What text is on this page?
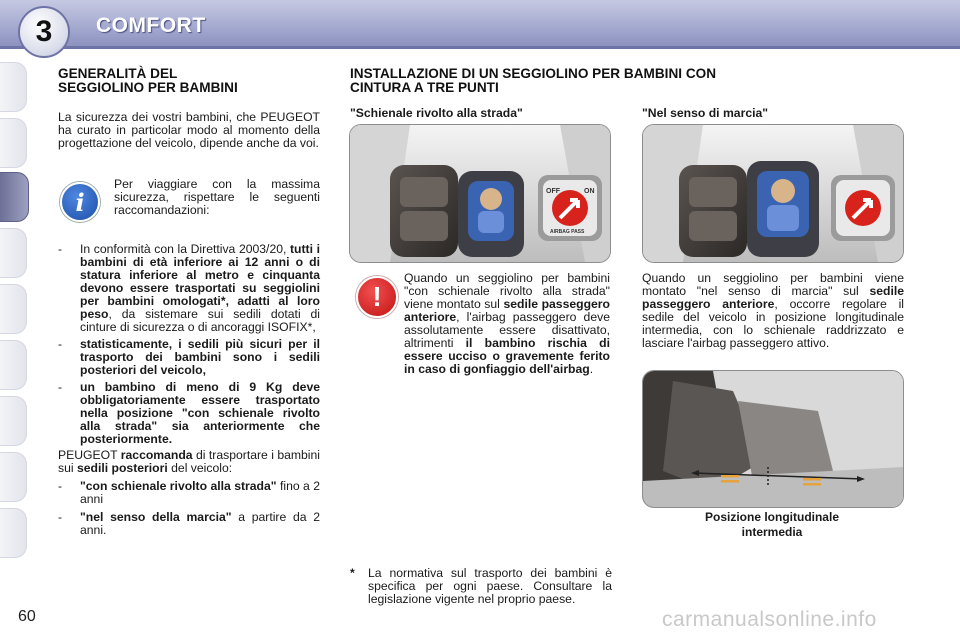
3	COMFORT
GENERALITÀ DEL
SEGGIOLINO PER BAMBINI
La sicurezza dei vostri bambini, che PEUGEOT ha curato in particolar modo al momento della progettazione del veicolo, dipende anche da voi.
i
Per viaggiare con la massima sicurezza, rispettare le seguenti raccomandazioni:
- In conformità con la Direttiva 2003/20, tutti i bambini di età inferiore ai 12 anni o di statura inferiore al metro e cinquanta devono essere trasportati su seggiolini per bambini omologati*, adatti al loro peso, da sistemare sui sedili dotati di cinture di sicurezza o di ancoraggi ISOFIX*,
- statisticamente, i sedili più sicuri per il trasporto dei bambini sono i sedili posteriori del veicolo,
- un bambino di meno di 9 Kg deve obbligatoriamente essere trasportato nella posizione "con schienale rivolto alla strada" sia anteriormente che posteriormente.
PEUGEOT raccomanda di trasportare i bambini sui sedili posteriori del veicolo:
- "con schienale rivolto alla strada" fino a 2 anni
- "nel senso della marcia" a partire da 2 anni.
INSTALLAZIONE DI UN SEGGIOLINO PER BAMBINI CON
CINTURA A TRE PUNTI
"Schienale rivolto alla strada"	"Nel senso di marcia"
OFF	ON
AIRBAG PASS
!
Quando un seggiolino per bambini "con schienale rivolto alla strada" viene montato sul sedile passeggero anteriore, l'airbag passeggero deve assolutamente essere disattivato, altrimenti il bambino rischia di essere ucciso o gravemente ferito in caso di gonfiaggio dell'airbag.
Quando un seggiolino per bambini viene montato "nel senso di marcia" sul sedile passeggero anteriore, occorre regolare il sedile del veicolo in posizione longitudinale intermedia, con lo schienale raddrizzato e lasciare l'airbag passeggero attivo.
Posizione longitudinale
intermedia
* La normativa sul trasporto dei bambini è specifica per ogni paese. Consultare la legislazione vigente nel proprio paese.
60	carmanualsonline.info
